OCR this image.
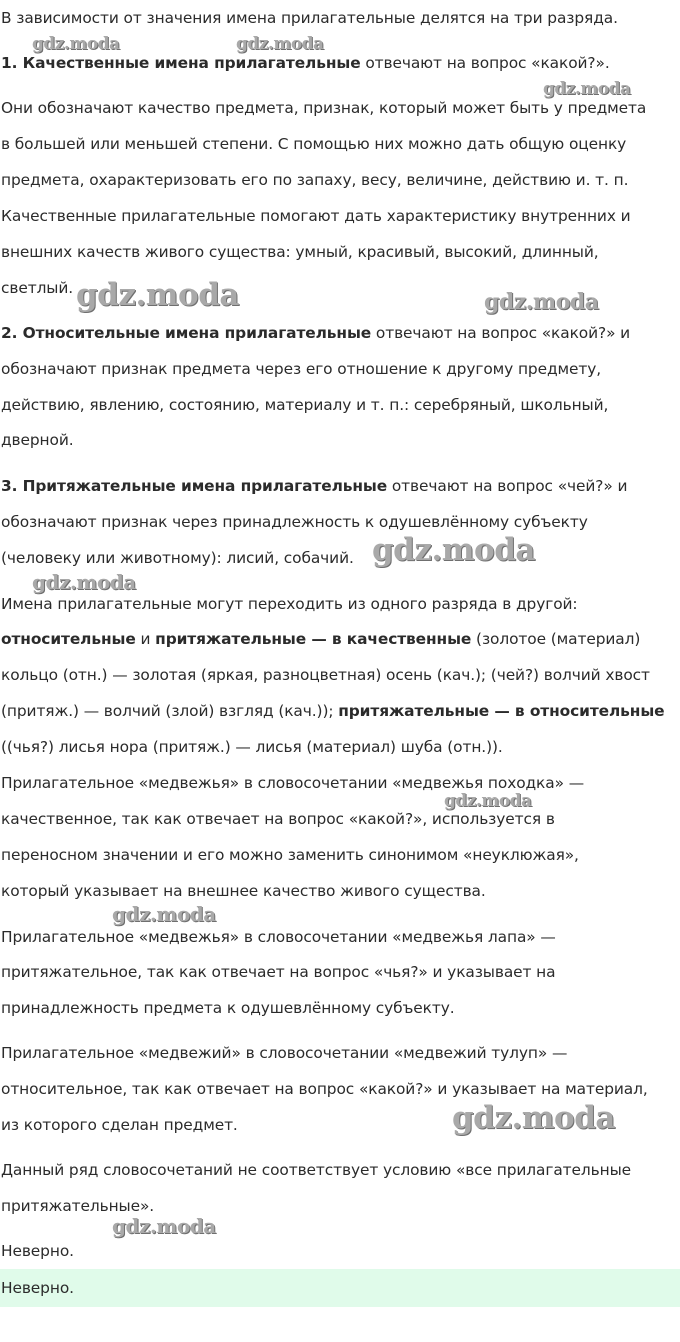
В зависимости от значения имена прилагательные делятся на три разряда.
1. Качественные имена прилагательные отвечают на вопрос «какой?».
Они обозначают качество предмета, признак, который может быть у предмета
в большей или меньшей степени. С помощью них можно дать общую оценку
предмета, охарактеризовать его по запаху, весу, величине, действию и. т. п.
Качественные прилагательные помогают дать характеристику внутренних и
внешних качеств живого существа: умный, красивый, высокий, длинный,
светлый.
2. Относительные имена прилагательные отвечают на вопрос «какой?» и
обозначают признак предмета через его отношение к другому предмету,
действию, явлению, состоянию, материалу и т. п.: серебряный, школьный,
дверной.
3. Притяжательные имена прилагательные отвечают на вопрос «чей?» и
обозначают признак через принадлежность к одушевлённому субъекту
(человеку или животному): лисий, собачий.
Имена прилагательные могут переходить из одного разряда в другой:
относительные и притяжательные — в качественные (золотое (материал)
кольцо (отн.) — золотая (яркая, разноцветная) осень (кач.); (чей?) волчий хвост
(притяж.) — волчий (злой) взгляд (кач.)); притяжательные — в относительные
((чья?) лисья нора (притяж.) — лисья (материал) шуба (отн.)).
Прилагательное «медвежья» в словосочетании «медвежья походка» —
качественное, так как отвечает на вопрос «какой?», используется в
переносном значении и его можно заменить синонимом «неуклюжая»,
который указывает на внешнее качество живого существа.
Прилагательное «медвежья» в словосочетании «медвежья лапа» —
притяжательное, так как отвечает на вопрос «чья?» и указывает на
принадлежность предмета к одушевлённому субъекту.
Прилагательное «медвежий» в словосочетании «медвежий тулуп» —
относительное, так как отвечает на вопрос «какой?» и указывает на материал,
из которого сделан предмет.
Данный ряд словосочетаний не соответствует условию «все прилагательные
притяжательные».
Неверно.
Неверно.
gdz.moda	gdz.moda
gdz.moda
gdz.moda	gdz.moda
gdz.moda
gdz.moda
gdz.moda
gdz.moda
gdz.moda
gdz.moda
